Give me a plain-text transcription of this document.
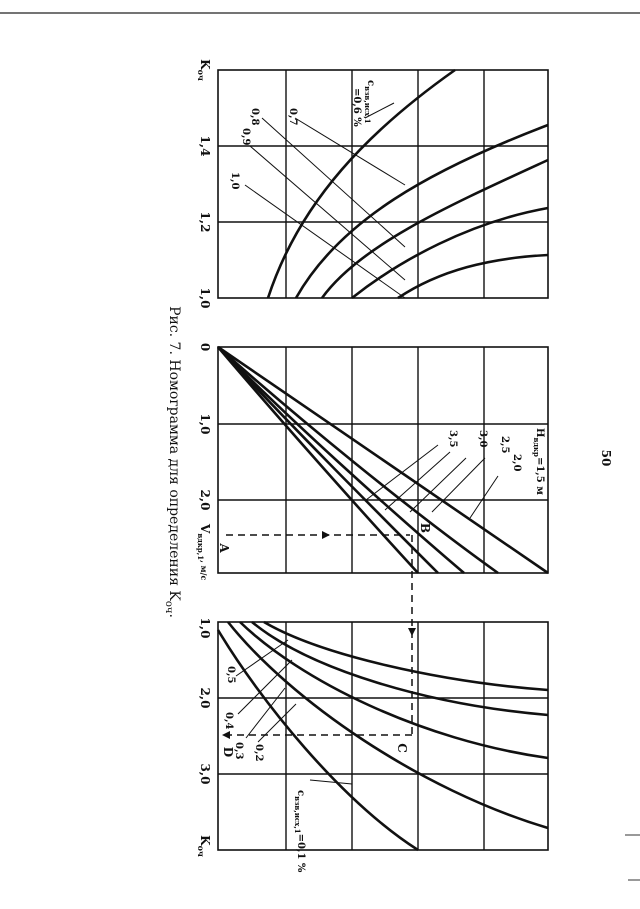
50
Рис. 7. Номограмма для определения $K_{оч}$.
$c_{взв,исх,1}$
=0,6 %
1,0
0,9
0,8	0,7
$K_{оч}$
1,0
1,2
1,4
$H_{вдкр}=1,5$ м
2,0
2,5
3,0
3,5
0
1,0
2,0
$V_{вдкр,1}^{, м/с}$
A
B
$c_{взв,исх,1}=0,1$ %
0,2
0,3
0,4
0,5
C
D
1,0
2,0
3,0
$K_{оч}$
